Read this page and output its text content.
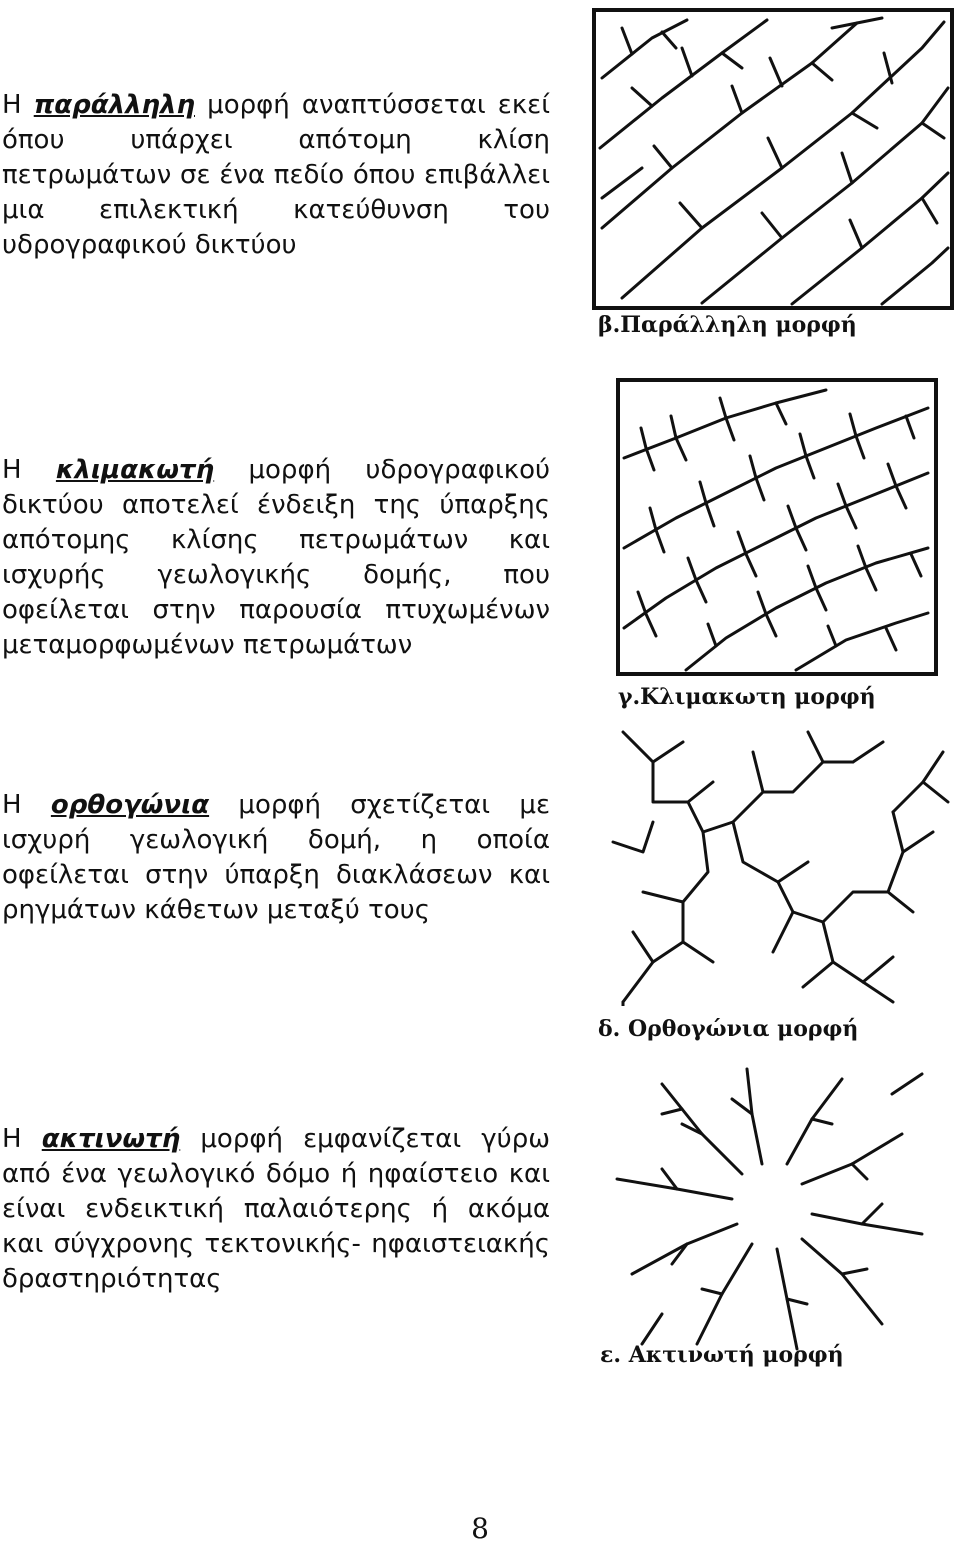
Η παράλληλη μορφή αναπτύσσεται εκεί όπου υπάρχει απότομη κλίση πετρωμάτων σε ένα πεδίο όπου επιβάλλει μια επιλεκτική κατεύθυνση του υδρογραφικού δικτύου

Η κλιμακωτή μορφή υδρογραφικού δικτύου αποτελεί ένδειξη της ύπαρξης απότομης κλίσης πετρωμάτων και ισχυρής γεωλογικής δομής, που οφείλεται στην παρουσία πτυχωμένων μεταμορφωμένων πετρωμάτων

Η ορθογώνια μορφή σχετίζεται με ισχυρή γεωλογική δομή, η οποία οφείλεται στην ύπαρξη διακλάσεων και ρηγμάτων κάθετων μεταξύ τους

Η ακτινωτή μορφή εμφανίζεται γύρω από ένα γεωλογικό δόμο ή ηφαίστειο και είναι ενδεικτική παλαιότερης ή ακόμα και σύγχρονης τεκτονικής- ηφαιστειακής δραστηριότητας

β.Παράλληλη μορφή
γ.Κλιμακωτη μορφή
δ. Ορθογώνια μορφή
ε. Ακτινωτή μορφή
8
